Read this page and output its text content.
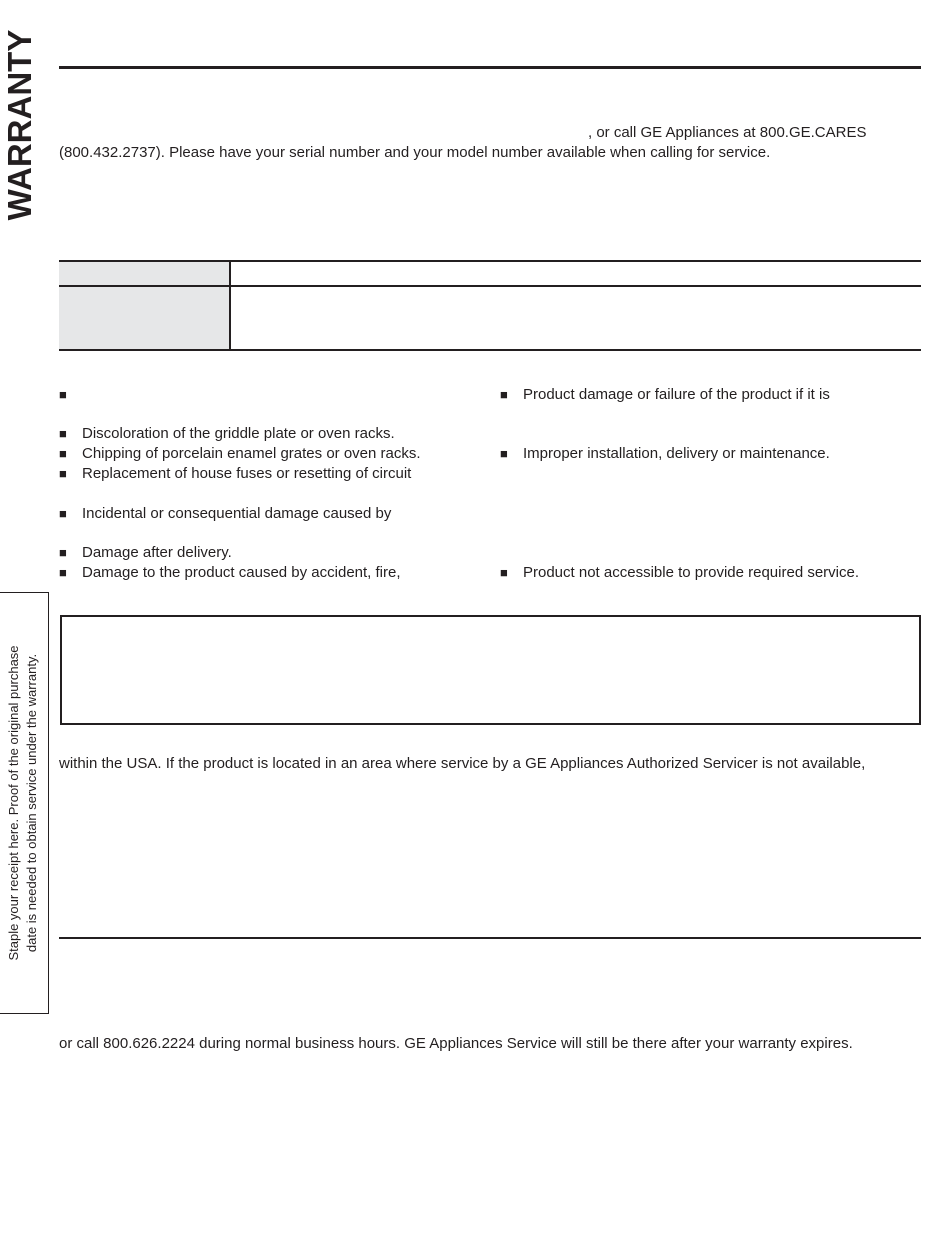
WARRANTY	, or call GE Appliances at 800.GE.CARES
(800.432.2737). Please have your serial number and your model number available when calling for service.
■
■ Discoloration of the griddle plate or oven racks.
■ Chipping of porcelain enamel grates or oven racks.
■ Replacement of house fuses or resetting of circuit
■ Incidental or consequential damage caused by
■ Damage after delivery.
■ Damage to the product caused by accident, fire,
■ Product damage or failure of the product if it is
■ Improper installation, delivery or maintenance.
■ Product not accessible to provide required service.
within the USA. If the product is located in an area where service by a GE Appliances Authorized Servicer is not available,
or call 800.626.2224 during normal business hours. GE Appliances Service will still be there after your warranty expires.
Staple your receipt here. Proof of the original purchase date is needed to obtain service under the warranty.
